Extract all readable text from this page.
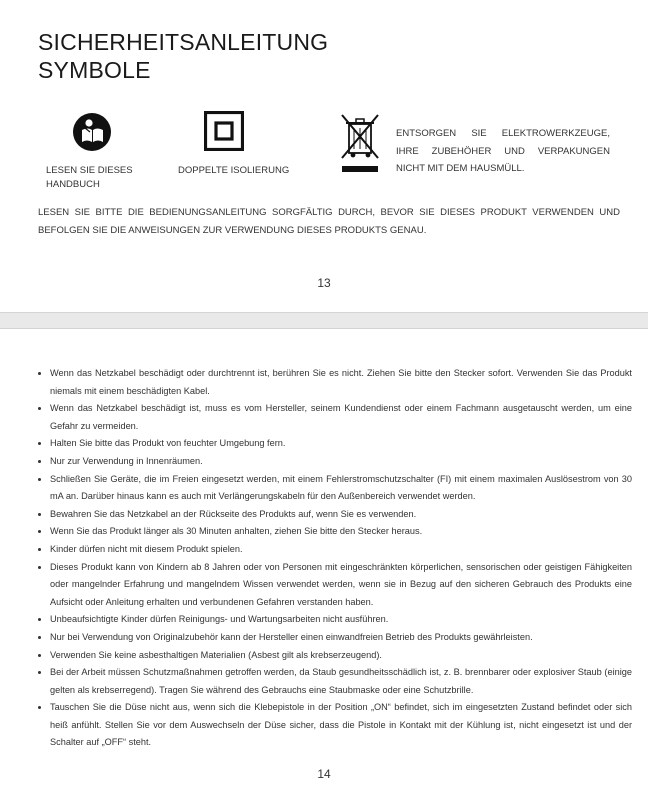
SICHERHEITSANLEITUNG
SYMBOLE
LESEN SIE DIESES HANDBUCH
DOPPELTE ISOLIERUNG
ENTSORGEN SIE ELEKTROWERKZEUGE, IHRE ZUBEHÖHER UND VERPAKUNGEN NICHT MIT DEM HAUSMÜLL.

LESEN SIE BITTE DIE BEDIENUNGSANLEITUNG SORGFÄLTIG DURCH, BEVOR SIE DIESES PRODUKT VERWENDEN UND BEFOLGEN SIE DIE ANWEISUNGEN ZUR VERWENDUNG DIESES PRODUKTS GENAU.

13
• Wenn das Netzkabel beschädigt oder durchtrennt ist, berühren Sie es nicht. Ziehen Sie bitte den Stecker sofort. Verwenden Sie das Produkt niemals mit einem beschädigten Kabel.
• Wenn das Netzkabel beschädigt ist, muss es vom Hersteller, seinem Kundendienst oder einem Fachmann ausgetauscht werden, um eine Gefahr zu vermeiden.
• Halten Sie bitte das Produkt von feuchter Umgebung fern.
• Nur zur Verwendung in Innenräumen.
• Schließen Sie Geräte, die im Freien eingesetzt werden, mit einem Fehlerstromschutzschalter (FI) mit einem maximalen Auslösestrom von 30 mA an. Darüber hinaus kann es auch mit Verlängerungskabeln für den Außenbereich verwendet werden.
• Bewahren Sie das Netzkabel an der Rückseite des Produkts auf, wenn Sie es verwenden.
• Wenn Sie das Produkt länger als 30 Minuten anhalten, ziehen Sie bitte den Stecker heraus.
• Kinder dürfen nicht mit diesem Produkt spielen.
• Dieses Produkt kann von Kindern ab 8 Jahren oder von Personen mit eingeschränkten körperlichen, sensorischen oder geistigen Fähigkeiten oder mangelnder Erfahrung und mangelndem Wissen verwendet werden, wenn sie in Bezug auf den sicheren Gebrauch des Produkts eine Aufsicht oder Anleitung erhalten und verbundenen Gefahren verstanden haben.
• Unbeaufsichtigte Kinder dürfen Reinigungs- und Wartungsarbeiten nicht ausführen.
• Nur bei Verwendung von Originalzubehör kann der Hersteller einen einwandfreien Betrieb des Produkts gewährleisten.
• Verwenden Sie keine asbesthaltigen Materialien (Asbest gilt als krebserzeugend).
• Bei der Arbeit müssen Schutzmaßnahmen getroffen werden, da Staub gesundheitsschädlich ist, z. B. brennbarer oder explosiver Staub (einige gelten als krebserregend). Tragen Sie während des Gebrauchs eine Staubmaske oder eine Schutzbrille.
• Tauschen Sie die Düse nicht aus, wenn sich die Klebepistole in der Position „ON“ befindet, sich im eingesetzten Zustand befindet oder sich heiß anfühlt. Stellen Sie vor dem Auswechseln der Düse sicher, dass die Pistole in Kontakt mit der Kühlung ist, nicht eingesetzt ist und der Schalter auf „OFF“ steht.
14
